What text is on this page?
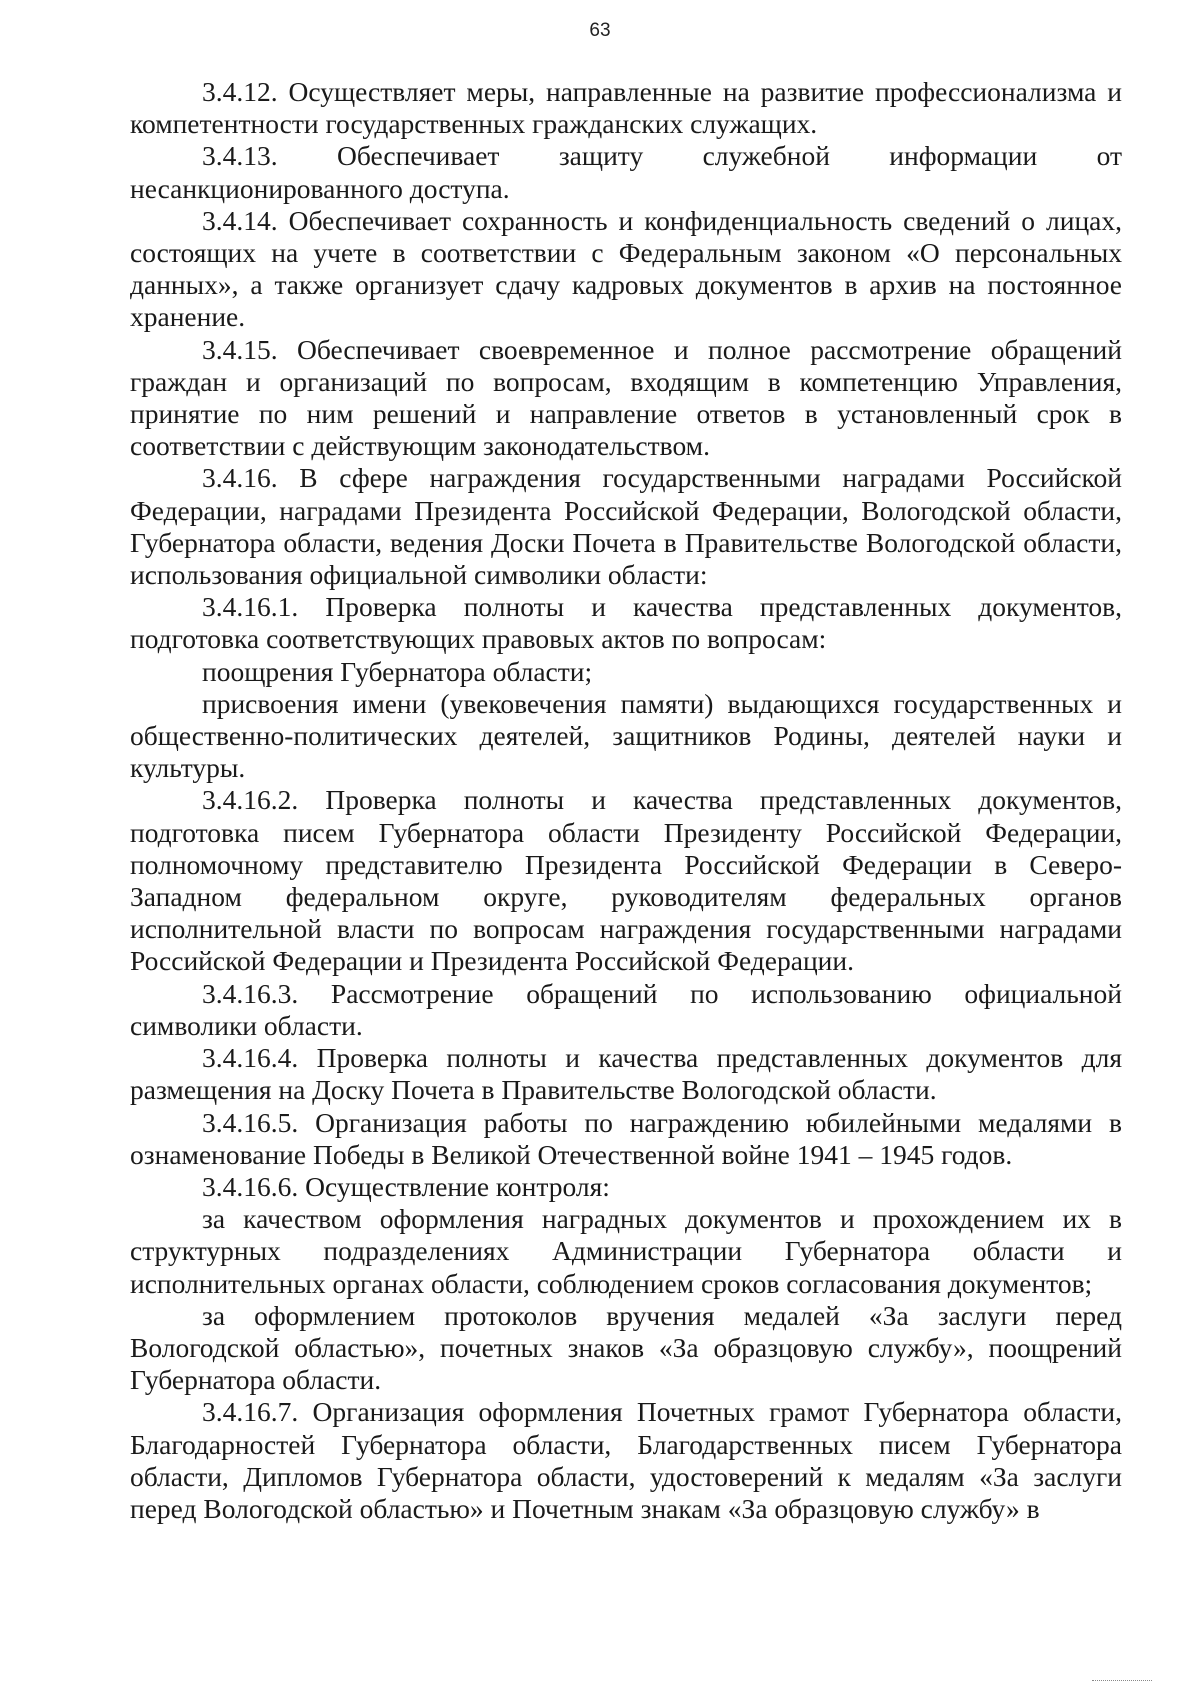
63

3.4.12. Осуществляет меры, направленные на развитие профессионализма и компетентности государственных гражданских служащих.

3.4.13. Обеспечивает защиту служебной информации от несанкционированного доступа.

3.4.14. Обеспечивает сохранность и конфиденциальность сведений о лицах, состоящих на учете в соответствии с Федеральным законом «О персональных данных», а также организует сдачу кадровых документов в архив на постоянное хранение.

3.4.15. Обеспечивает своевременное и полное рассмотрение обращений граждан и организаций по вопросам, входящим в компетенцию Управления, принятие по ним решений и направление ответов в установленный срок в соответствии с действующим законодательством.

3.4.16. В сфере награждения государственными наградами Российской Федерации, наградами Президента Российской Федерации, Вологодской области, Губернатора области, ведения Доски Почета в Правительстве Вологодской области, использования официальной символики области:

3.4.16.1. Проверка полноты и качества представленных документов, подготовка соответствующих правовых актов по вопросам:

поощрения Губернатора области;

присвоения имени (увековечения памяти) выдающихся государственных и общественно-политических деятелей, защитников Родины, деятелей науки и культуры.

3.4.16.2. Проверка полноты и качества представленных документов, подготовка писем Губернатора области Президенту Российской Федерации, полномочному представителю Президента Российской Федерации в Северо-Западном федеральном округе, руководителям федеральных органов исполнительной власти по вопросам награждения государственными наградами Российской Федерации и Президента Российской Федерации.

3.4.16.3. Рассмотрение обращений по использованию официальной символики области.

3.4.16.4. Проверка полноты и качества представленных документов для размещения на Доску Почета в Правительстве Вологодской области.

3.4.16.5. Организация работы по награждению юбилейными медалями в ознаменование Победы в Великой Отечественной войне 1941 – 1945 годов.

3.4.16.6. Осуществление контроля:

за качеством оформления наградных документов и прохождением их в структурных подразделениях Администрации Губернатора области и исполнительных органах области, соблюдением сроков согласования документов;

за оформлением протоколов вручения медалей «За заслуги перед Вологодской областью», почетных знаков «За образцовую службу», поощрений Губернатора области.

3.4.16.7. Организация оформления Почетных грамот Губернатора области, Благодарностей Губернатора области, Благодарственных писем Губернатора области, Дипломов Губернатора области, удостоверений к медалям «За заслуги перед Вологодской областью» и Почетным знакам «За образцовую службу» в
